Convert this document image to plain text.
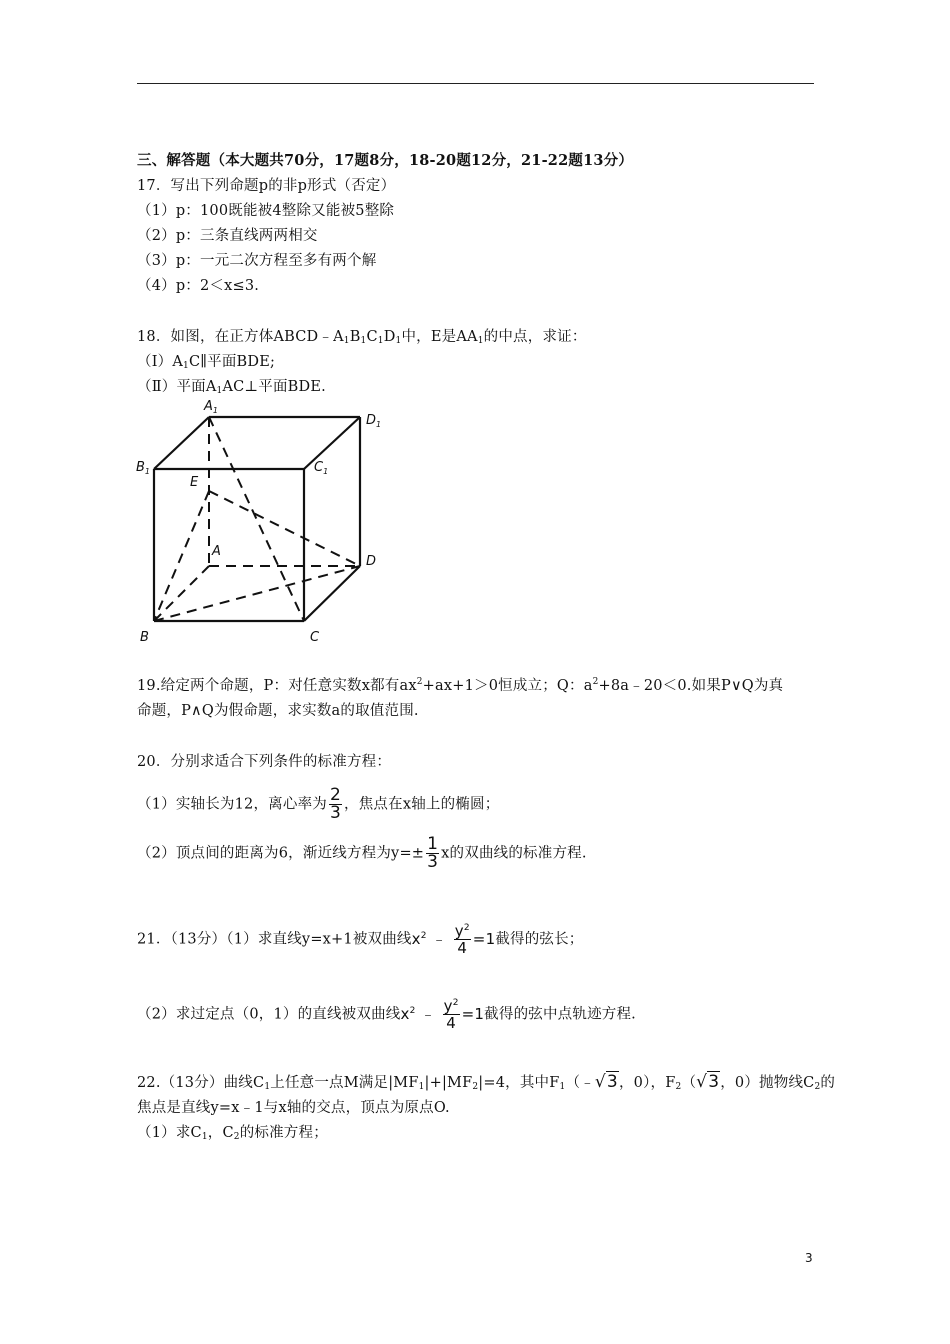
三、解答题（本大题共70分，17题8分，18-20题12分，21-22题13分）
17．写出下列命题p的非p形式（否定）
（1）p：100既能被4整除又能被5整除
（2）p：三条直线两两相交
（3）p：一元二次方程至多有两个解
（4）p：2＜x≤3.
18．如图，在正方体$ABCD﹣A_1B_1C_1D_1$中，E是$AA_1$的中点，求证：
$(Ⅰ)A_1C\parallel$平面BDE;
（Ⅱ）平面$A_1AC\perp$平面BDE.
$A_1$
$D_1$
$B_1$	$C_1$
E
A
D
B	C
19.给定两个命题，P：对任意实数x都有$ax^2+ax+1>0$恒成立；Q：$a^2+8a﹣20<0$.如果P∨Q为真
命题，P∧Q为假命题，求实数a的取值范围.
20．分别求适合下列条件的标准方程：
（1）实轴长为12，离心率为 $\frac{2}{3}$ ，焦点在x轴上的椭圆；
（2）顶点间的距离为6，渐近线方程为$y=\pm \frac{1}{3}$ x的双曲线的标准方程.
21．（13分）（1）求直线y=x+1被双曲线$x^2$ ﹣ $\frac{y^2}{4} =1$截得的弦长；
（2）求过定点（0，1）的直线被双曲线$x^2$ ﹣ $\frac{y^2}{4} =1$截得的弦中点轨迹方程.
22.（13分）曲线$C_1$上任意一点M满足$|MF_1|+|MF_2|=4$，其中$F_1(﹣√3$，0），$F_2(√3$，0）抛物线$C_2$的
焦点是直线y=x﹣1与x轴的交点，顶点为原点O.
（1）求$C_1$，$C_2$的标准方程；
3
